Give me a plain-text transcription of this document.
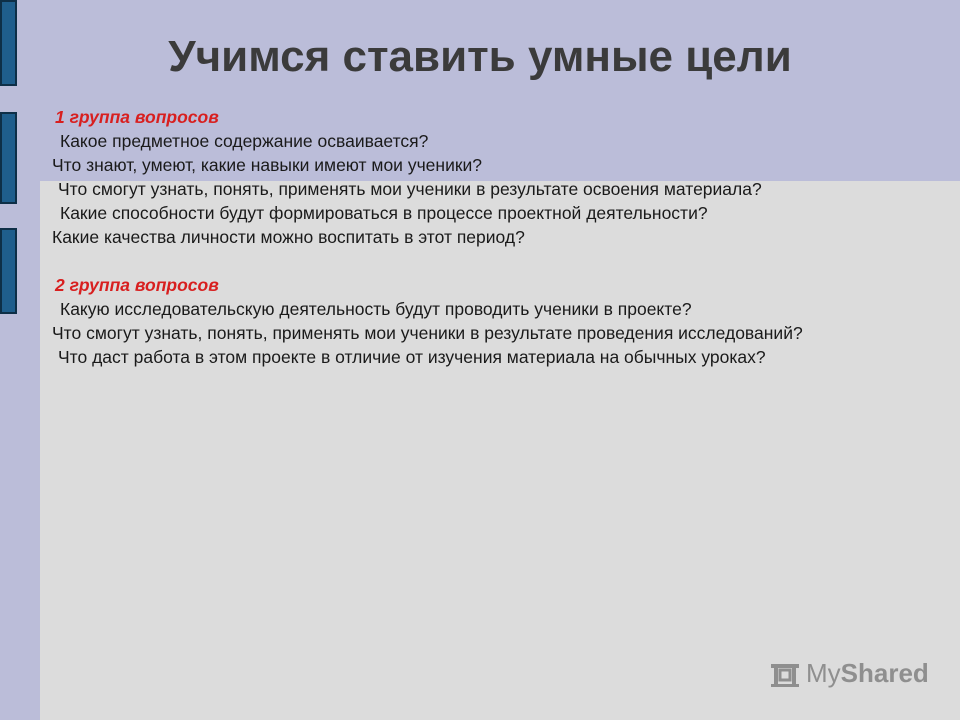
Учимся ставить умные цели
1 группа вопросов
Какое предметное содержание осваивается?
Что знают, умеют, какие навыки имеют мои ученики?
Что смогут узнать, понять, применять мои ученики в результате освоения материала?
Какие способности будут формироваться в процессе проектной деятельности?
Какие качества личности можно воспитать в этот период?
2 группа вопросов
Какую исследовательскую деятельность будут проводить ученики в проекте?
Что смогут узнать, понять, применять мои ученики в результате проведения исследований?
Что даст работа в этом проекте в отличие от изучения материала на обычных уроках?
My Shared
